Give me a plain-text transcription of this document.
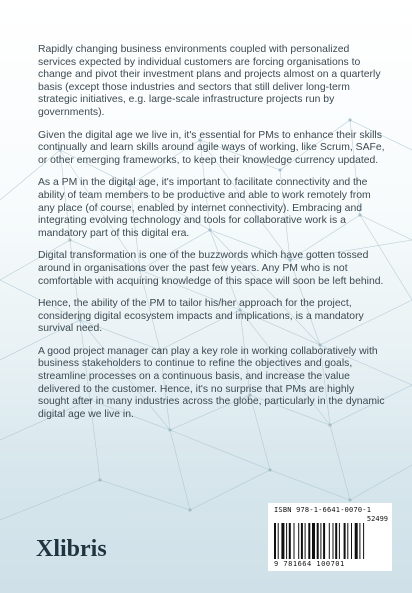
Rapidly changing business environments coupled with personalized services expected by individual customers are forcing organisations to change and pivot their investment plans and projects almost on a quarterly basis (except those industries and sectors that still deliver long-term strategic initiatives, e.g. large-scale infrastructure projects run by governments).

Given the digital age we live in, it's essential for PMs to enhance their skills continually and learn skills around agile ways of working, like Scrum, SAFe, or other emerging frameworks, to keep their knowledge currency updated.

As a PM in the digital age, it's important to facilitate connectivity and the ability of team members to be productive and able to work remotely from any place (of course, enabled by internet connectivity). Embracing and integrating evolving technology and tools for collaborative work is a mandatory part of this digital era.

Digital transformation is one of the buzzwords which have gotten tossed around in organisations over the past few years. Any PM who is not comfortable with acquiring knowledge of this space will soon be left behind.

Hence, the ability of the PM to tailor his/her approach for the project, considering digital ecosystem impacts and implications, is a mandatory survival need.

A good project manager can play a key role in working collaboratively with business stakeholders to continue to refine the objectives and goals, streamline processes on a continuous basis, and increase the value delivered to the customer. Hence, it's no surprise that PMs are highly sought after in many industries across the globe, particularly in the dynamic digital age we live in.

Xlibris
ISBN 978-1-6641-0070-1
52499
9 781664 100701
